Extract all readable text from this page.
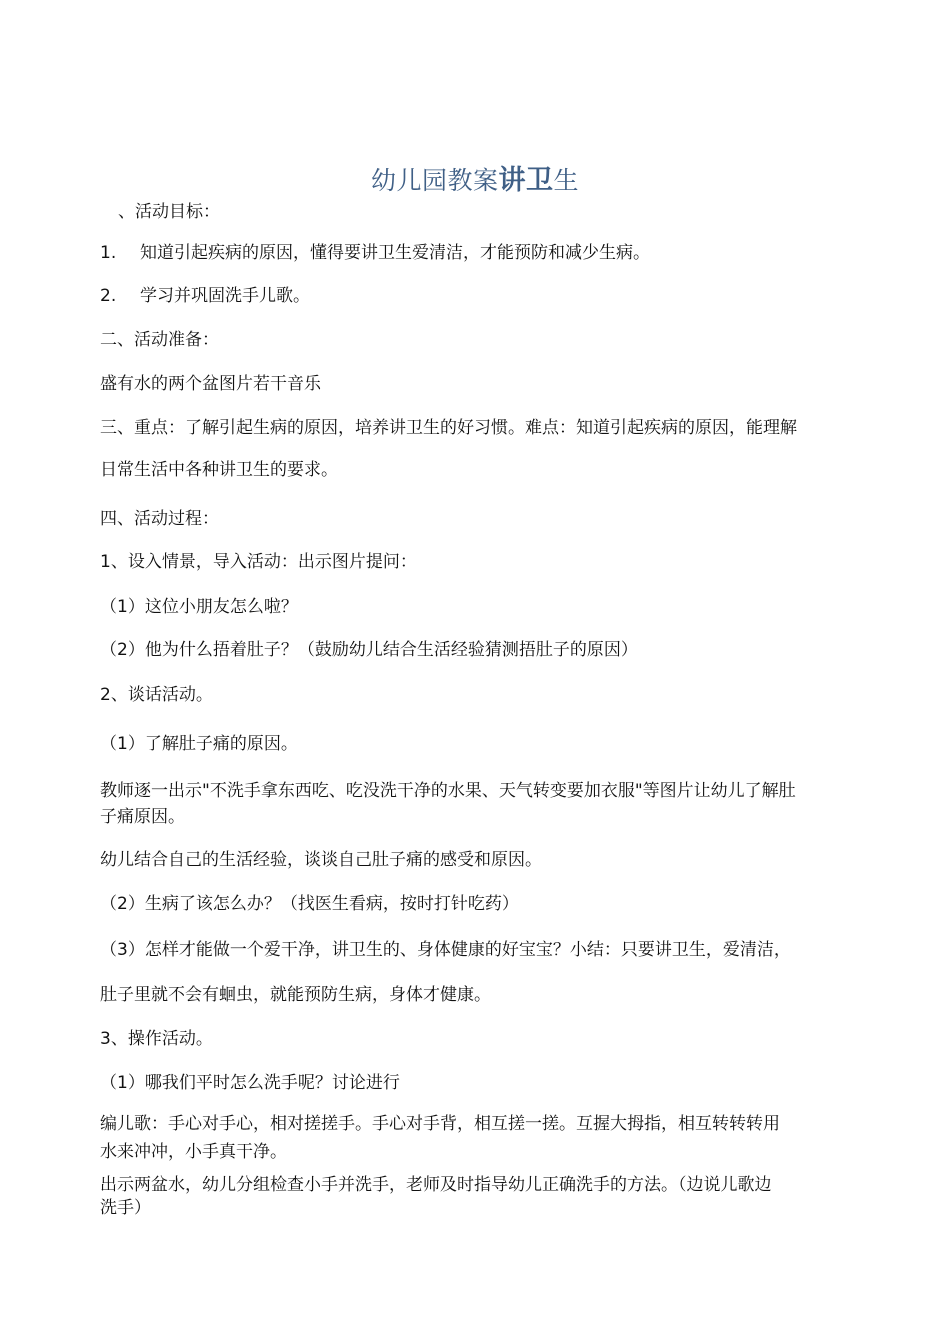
幼儿园教案讲卫生
、活动目标：
1. 知道引起疾病的原因，懂得要讲卫生爱清洁，才能预防和减少生病。
2. 学习并巩固洗手儿歌。
二、活动准备：
盛有水的两个盆图片若干音乐
三、重点：了解引起生病的原因，培养讲卫生的好习惯。难点：知道引起疾病的原因，能理解
日常生活中各种讲卫生的要求。
四、活动过程：
1、设入情景，导入活动：出示图片提问：
（1）这位小朋友怎么啦？
（2）他为什么捂着肚子？（鼓励幼儿结合生活经验猜测捂肚子的原因）
2、谈话活动。
（1）了解肚子痛的原因。
教师逐一出示"不洗手拿东西吃、吃没洗干净的水果、天气转变要加衣服"等图片让幼儿了解肚
子痛原因。
幼儿结合自己的生活经验，谈谈自己肚子痛的感受和原因。
（2）生病了该怎么办？（找医生看病，按时打针吃药）
（3）怎样才能做一个爱干净，讲卫生的、身体健康的好宝宝？小结：只要讲卫生，爱清洁，
肚子里就不会有蛔虫，就能预防生病，身体才健康。
3、操作活动。
（1）哪我们平时怎么洗手呢？讨论进行
编儿歌：手心对手心，相对搓搓手。手心对手背，相互搓一搓。互握大拇指，相互转转转用
水来冲冲，小手真干净。
出示两盆水，幼儿分组检查小手并洗手，老师及时指导幼儿正确洗手的方法。（边说儿歌边
洗手）
